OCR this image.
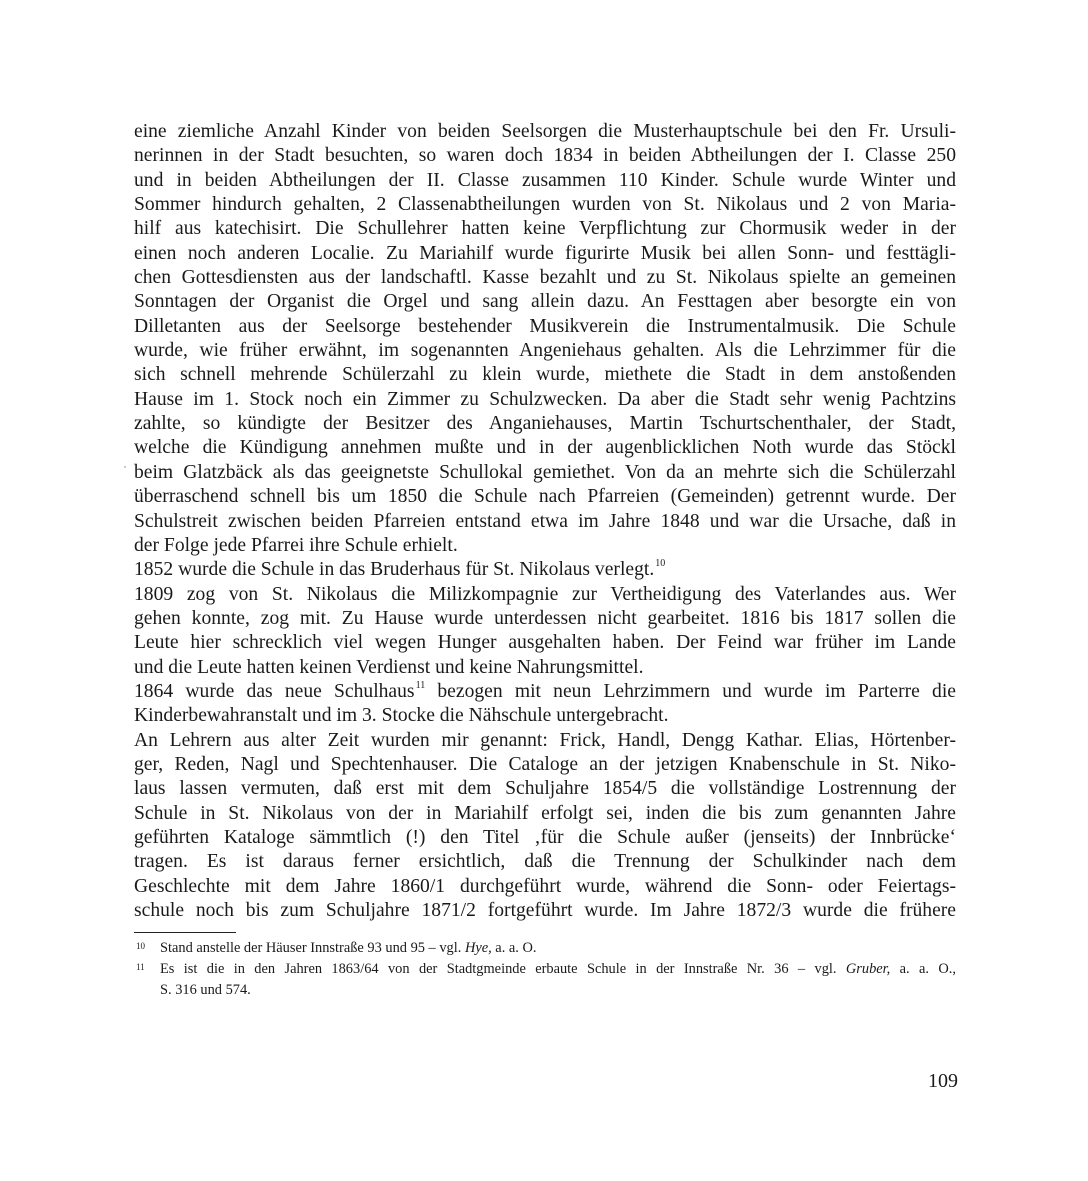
eine ziemliche Anzahl Kinder von beiden Seelsorgen die Musterhauptschule bei den Fr. Ursuli-
nerinnen in der Stadt besuchten, so waren doch 1834 in beiden Abtheilungen der I. Classe 250
und in beiden Abtheilungen der II. Classe zusammen 110 Kinder. Schule wurde Winter und
Sommer hindurch gehalten, 2 Classenabtheilungen wurden von St. Nikolaus und 2 von Maria-
hilf aus katechisirt. Die Schullehrer hatten keine Verpflichtung zur Chormusik weder in der
einen noch anderen Localie. Zu Mariahilf wurde figurirte Musik bei allen Sonn- und festtägli-
chen Gottesdiensten aus der landschaftl. Kasse bezahlt und zu St. Nikolaus spielte an gemeinen
Sonntagen der Organist die Orgel und sang allein dazu. An Festtagen aber besorgte ein von
Dilletanten aus der Seelsorge bestehender Musikverein die Instrumentalmusik. Die Schule
wurde, wie früher erwähnt, im sogenannten Angeniehaus gehalten. Als die Lehrzimmer für die
sich schnell mehrende Schülerzahl zu klein wurde, miethete die Stadt in dem anstoßenden
Hause im 1. Stock noch ein Zimmer zu Schulzwecken. Da aber die Stadt sehr wenig Pachtzins
zahlte, so kündigte der Besitzer des Anganiehauses, Martin Tschurtschenthaler, der Stadt,
welche die Kündigung annehmen mußte und in der augenblicklichen Noth wurde das Stöckl
beim Glatzbäck als das geeignetste Schullokal gemiethet. Von da an mehrte sich die Schülerzahl
überraschend schnell bis um 1850 die Schule nach Pfarreien (Gemeinden) getrennt wurde. Der
Schulstreit zwischen beiden Pfarreien entstand etwa im Jahre 1848 und war die Ursache, daß in
der Folge jede Pfarrei ihre Schule erhielt.
1852 wurde die Schule in das Bruderhaus für St. Nikolaus verlegt.$^{10}$
1809 zog von St. Nikolaus die Milizkompagnie zur Vertheidigung des Vaterlandes aus. Wer
gehen konnte, zog mit. Zu Hause wurde unterdessen nicht gearbeitet. 1816 bis 1817 sollen die
Leute hier schrecklich viel wegen Hunger ausgehalten haben. Der Feind war früher im Lande
und die Leute hatten keinen Verdienst und keine Nahrungsmittel.
1864 wurde das neue Schulhaus$^{11}$ bezogen mit neun Lehrzimmern und wurde im Parterre die
Kinderbewahranstalt und im 3. Stocke die Nähschule untergebracht.
An Lehrern aus alter Zeit wurden mir genannt: Frick, Handl, Dengg Kathar. Elias, Hörtenber-
ger, Reden, Nagl und Spechtenhauser. Die Cataloge an der jetzigen Knabenschule in St. Niko-
laus lassen vermuten, daß erst mit dem Schuljahre 1854/5 die vollständige Lostrennung der
Schule in St. Nikolaus von der in Mariahilf erfolgt sei, inden die bis zum genannten Jahre
geführten Kataloge sämmtlich (!) den Titel ‚für die Schule außer (jenseits) der Innbrücke‘
tragen. Es ist daraus ferner ersichtlich, daß die Trennung der Schulkinder nach dem
Geschlechte mit dem Jahre 1860/1 durchgeführt wurde, während die Sonn- oder Feiertags-
schule noch bis zum Schuljahre 1871/2 fortgeführt wurde. Im Jahre 1872/3 wurde die frühere
10 Stand anstelle der Häuser Innstraße 93 und 95 – vgl. Hye, a. a. O.
11 Es ist die in den Jahren 1863/64 von der Stadtgmeinde erbaute Schule in der Innstraße Nr. 36 – vgl. Gruber, a. a. O.,
S. 316 und 574.
109
